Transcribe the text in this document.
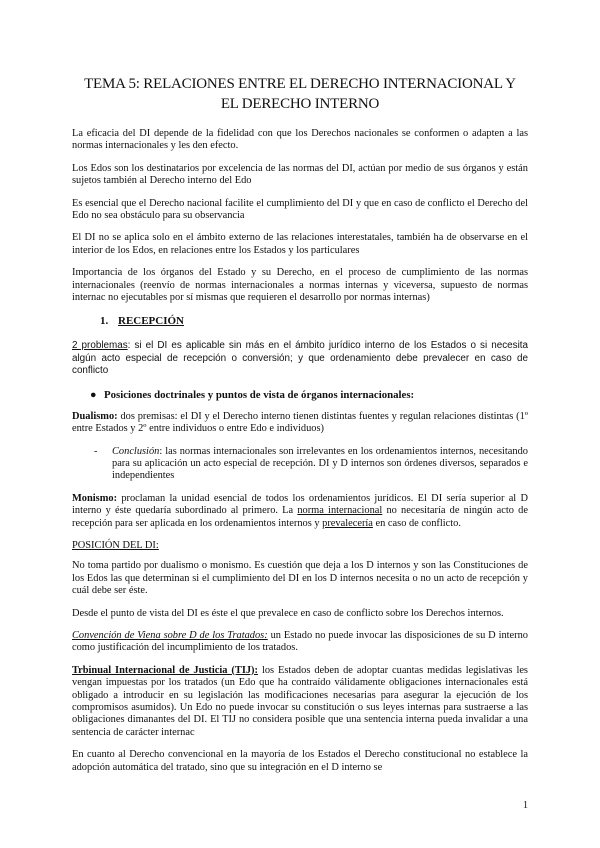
TEMA 5: RELACIONES ENTRE EL DERECHO INTERNACIONAL Y
EL DERECHO INTERNO

La eficacia del DI depende de la fidelidad con que los Derechos nacionales se conformen o adapten a las normas internacionales y les den efecto.

Los Edos son los destinatarios por excelencia de las normas del DI, actúan por medio de sus órganos y están sujetos también al Derecho interno del Edo

Es esencial que el Derecho nacional facilite el cumplimiento del DI y que en caso de conflicto el Derecho del Edo no sea obstáculo para su observancia

El DI no se aplica solo en el ámbito externo de las relaciones interestatales, también ha de observarse en el interior de los Edos, en relaciones entre los Estados y los particulares

Importancia de los órganos del Estado y su Derecho, en el proceso de cumplimiento de las normas internacionales (reenvío de normas internacionales a normas internas y viceversa, supuesto de normas internac no ejecutables por sí mismas que requieren el desarrollo por normas internas)

1. RECEPCIÓN

2 problemas: si el DI es aplicable sin más en el ámbito jurídico interno de los Estados o si necesita algún acto especial de recepción o conversión; y que ordenamiento debe prevalecer en caso de conflicto

● Posiciones doctrinales y puntos de vista de órganos internacionales:

Dualismo: dos premisas: el DI y el Derecho interno tienen distintas fuentes y regulan relaciones distintas (1º entre Estados y 2º entre individuos o entre Edo e individuos)

-	Conclusión: las normas internacionales son irrelevantes en los ordenamientos internos, necesitando para su aplicación un acto especial de recepción. DI y D internos son órdenes diversos, separados e independientes

Monismo: proclaman la unidad esencial de todos los ordenamientos jurídicos. El DI sería superior al D interno y éste quedaría subordinado al primero. La norma internacional no necesitaría de ningún acto de recepción para ser aplicada en los ordenamientos internos y prevalecería en caso de conflicto.

POSICIÓN DEL DI:

No toma partido por dualismo o monismo. Es cuestión que deja a los D internos y son las Constituciones de los Edos las que determinan si el cumplimiento del DI en los D internos necesita o no un acto de recepción y cuál debe ser éste.

Desde el punto de vista del DI es éste el que prevalece en caso de conflicto sobre los Derechos internos.

Convención de Viena sobre D de los Tratados: un Estado no puede invocar las disposiciones de su D interno como justificación del incumplimiento de los tratados.

Trbinual Internacional de Justicia (TIJ): los Estados deben de adoptar cuantas medidas legislativas les vengan impuestas por los tratados (un Edo que ha contraído válidamente obligaciones internacionales está obligado a introducir en su legislación las modificaciones necesarias para asegurar la ejecución de los compromisos asumidos). Un Edo no puede invocar su constitución o sus leyes internas para sustraerse a las obligaciones dimanantes del DI. El TIJ no considera posible que una sentencia interna pueda invalidar a una sentencia de carácter internac

En cuanto al Derecho convencional en la mayoría de los Estados el Derecho constitucional no establece la adopción automática del tratado, sino que su integración en el D interno se

1
